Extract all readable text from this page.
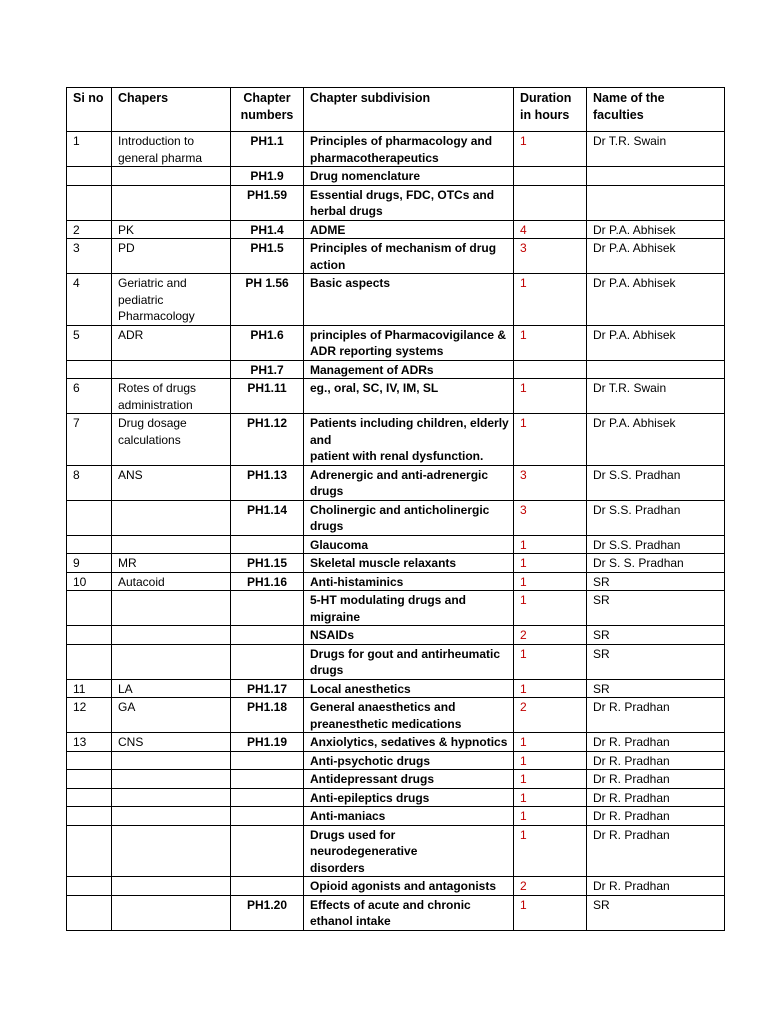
Si no	Chapers	Chapter numbers	Chapter subdivision	Duration in hours	Name of the faculties
1	Introduction to general pharma	PH1.1	Principles of pharmacology and pharmacotherapeutics	1	Dr T.R. Swain
		PH1.9	Drug nomenclature		
		PH1.59	Essential drugs, FDC, OTCs and herbal drugs		
2	PK	PH1.4	ADME	4	Dr P.A. Abhisek
3	PD	PH1.5	Principles of mechanism of drug action	3	Dr P.A. Abhisek
4	Geriatric and pediatric Pharmacology	PH 1.56	Basic aspects	1	Dr P.A. Abhisek
5	ADR	PH1.6	principles of Pharmacovigilance & ADR reporting systems	1	Dr P.A. Abhisek
		PH1.7	Management of ADRs		
6	Rotes of drugs administration	PH1.11	eg., oral, SC, IV, IM, SL	1	Dr T.R. Swain
7	Drug dosage calculations	PH1.12	Patients including children, elderly and
patient with renal dysfunction.	1	Dr P.A. Abhisek
8	ANS	PH1.13	Adrenergic and anti-adrenergic drugs	3	Dr S.S. Pradhan
		PH1.14	Cholinergic and anticholinergic drugs	3	Dr S.S. Pradhan
			Glaucoma	1	Dr S.S. Pradhan
9	MR	PH1.15	Skeletal muscle relaxants	1	Dr S. S. Pradhan
10	Autacoid	PH1.16	Anti-histaminics	1	SR
			5-HT modulating drugs and migraine	1	SR
			NSAIDs	2	SR
			Drugs for gout and antirheumatic drugs	1	SR
11	LA	PH1.17	Local anesthetics	1	SR
12	GA	PH1.18	General anaesthetics and preanesthetic medications	2	Dr R. Pradhan
13	CNS	PH1.19	Anxiolytics, sedatives & hypnotics	1	Dr R. Pradhan
			Anti-psychotic drugs	1	Dr R. Pradhan
			Antidepressant drugs	1	Dr R. Pradhan
			Anti-epileptics drugs	1	Dr R. Pradhan
			Anti-maniacs	1	Dr R. Pradhan
			Drugs used for
neurodegenerative
disorders	1	Dr R. Pradhan
			Opioid agonists and antagonists	2	Dr R. Pradhan
		PH1.20	Effects of acute and chronic ethanol intake	1	SR
